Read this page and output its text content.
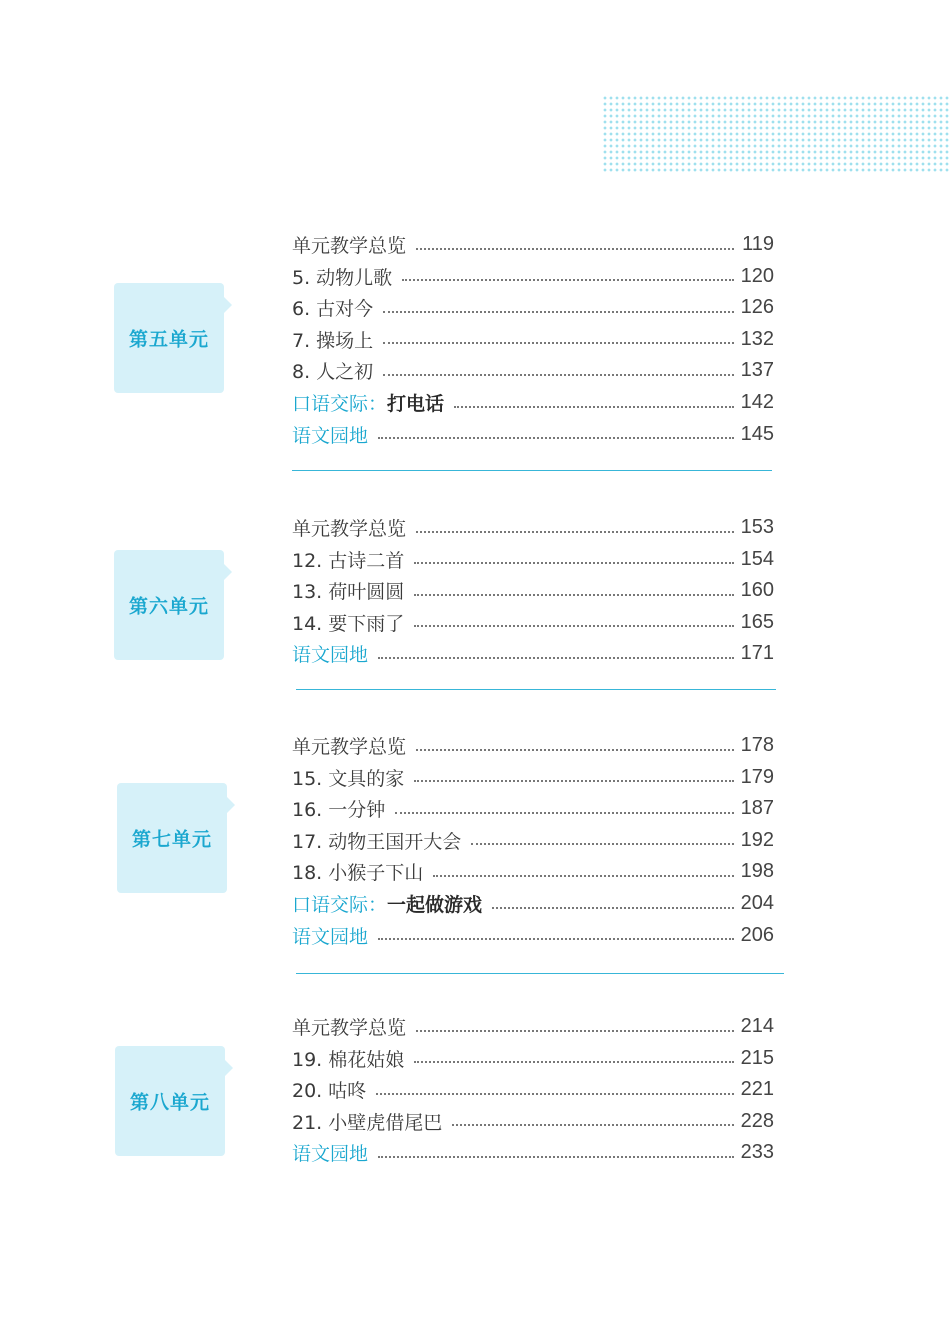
第五单元
单元教学总览	119
5. 动物儿歌	120
6. 古对今	126
7. 操场上	132
8. 人之初	137
口语交际：打电话	142
语文园地	145
第六单元
单元教学总览	153
12. 古诗二首	154
13. 荷叶圆圆	160
14. 要下雨了	165
语文园地	171
第七单元
单元教学总览	178
15. 文具的家	179
16. 一分钟	187
17. 动物王国开大会	192
18. 小猴子下山	198
口语交际：一起做游戏	204
语文园地	206
第八单元
单元教学总览	214
19. 棉花姑娘	215
20. 咕咚	221
21. 小壁虎借尾巴	228
语文园地	233
